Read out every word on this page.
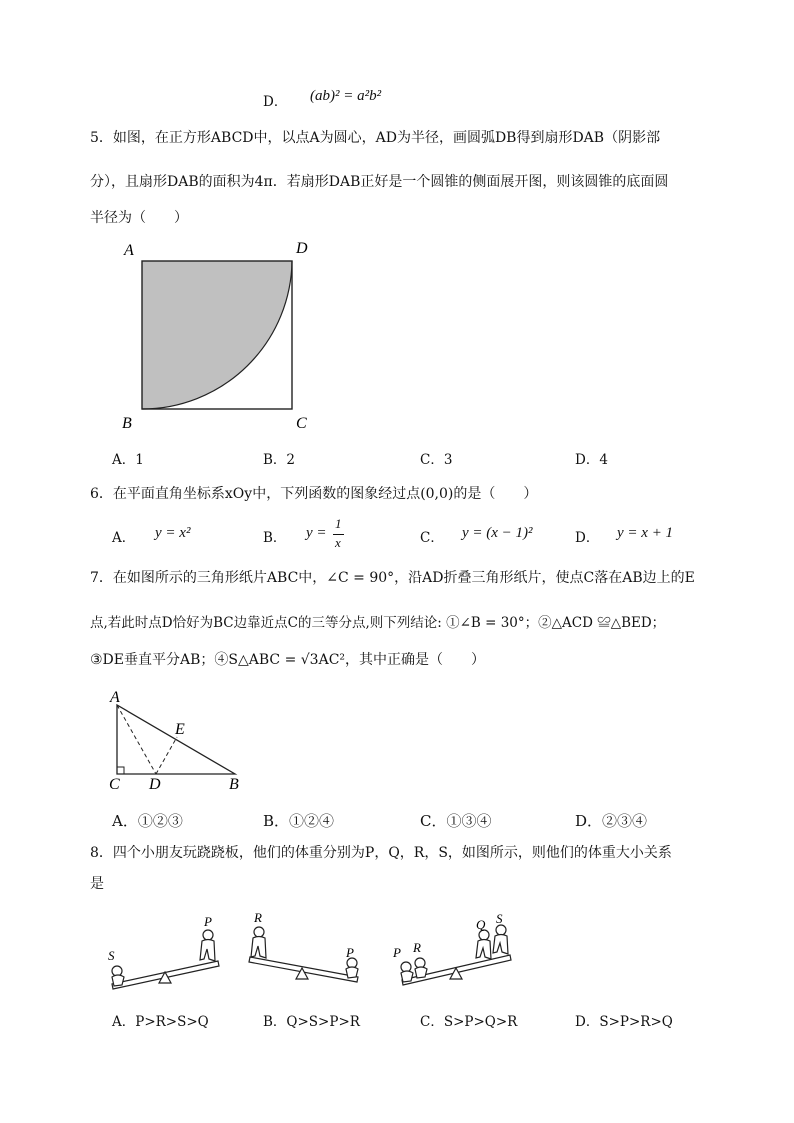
D． (ab)² = a²b²
5．如图，在正方形ABCD中，以点A为圆心，AD为半径，画圆弧DB得到扇形DAB（阴影部
分），且扇形DAB的面积为4π．若扇形DAB正好是一个圆锥的侧面展开图，则该圆锥的底面圆
半径为（　　）
A	D
B	C
A．1	B．2	C．3	D．4
6．在平面直角坐标系xOy中，下列函数的图象经过点(0,0)的是（　　）
A． y = x²	B． y =
1
x	C． y = (x − 1)²	D． y = x + 1
7．在如图所示的三角形纸片ABC中，∠C = 90°，沿AD折叠三角形纸片，使点C落在AB边上的E
点,若此时点D恰好为BC边靠近点C的三等分点,则下列结论: ①∠B = 30°；②△ACD ≌△BED；
③DE垂直平分AB；④S△ABC = √3AC²，其中正确是（　　）
A
E
C D	B
A．①②③	B．①②④	C．①③④	D．②③④
8．四个小朋友玩跷跷板，他们的体重分别为P，Q，R，S，如图所示，则他们的体重大小关系
是
S
P	R
P	P R
Q S
A．P>R>S>Q	B．Q>S>P>R	C．S>P>Q>R	D．S>P>R>Q
